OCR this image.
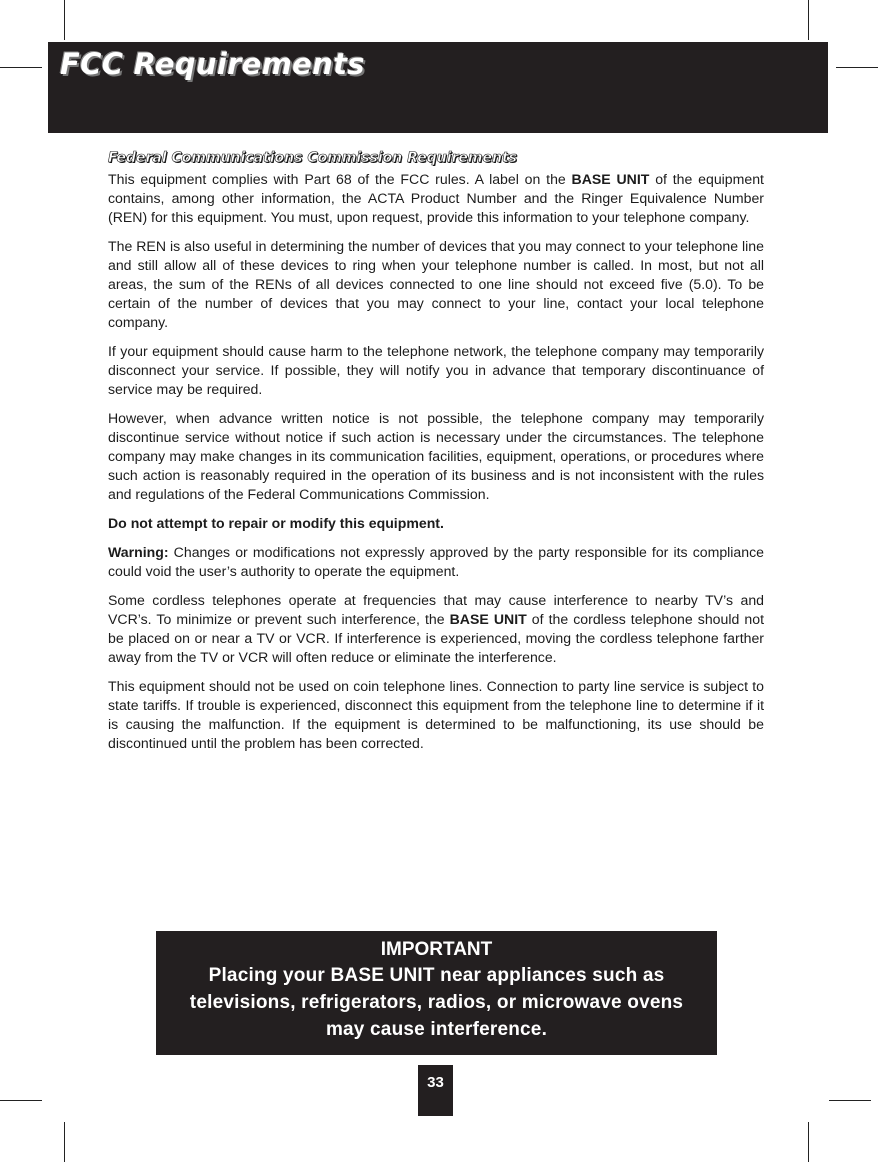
FCC Requirements
Federal Communications Commission Requirements

This equipment complies with Part 68 of the FCC rules. A label on the BASE UNIT of the equipment contains, among other information, the ACTA Product Number and the Ringer Equivalence Number (REN) for this equipment. You must, upon request, provide this information to your telephone company.

The REN is also useful in determining the number of devices that you may connect to your telephone line and still allow all of these devices to ring when your telephone number is called. In most, but not all areas, the sum of the RENs of all devices connected to one line should not exceed five (5.0). To be certain of the number of devices that you may connect to your line, contact your local telephone company.

If your equipment should cause harm to the telephone network, the telephone company may temporarily disconnect your service. If possible, they will notify you in advance that temporary discontinuance of service may be required.

However, when advance written notice is not possible, the telephone company may temporarily discontinue service without notice if such action is necessary under the circumstances. The telephone company may make changes in its communication facilities, equipment, operations, or procedures where such action is reasonably required in the operation of its business and is not inconsistent with the rules and regulations of the Federal Communications Commission.

Do not attempt to repair or modify this equipment.

Warning: Changes or modifications not expressly approved by the party responsible for its compliance could void the user’s authority to operate the equipment.

Some cordless telephones operate at frequencies that may cause interference to nearby TV’s and VCR’s. To minimize or prevent such interference, the BASE UNIT of the cordless telephone should not be placed on or near a TV or VCR. If interference is experienced, moving the cordless telephone farther away from the TV or VCR will often reduce or eliminate the interference.

This equipment should not be used on coin telephone lines. Connection to party line service is subject to state tariffs. If trouble is experienced, disconnect this equipment from the telephone line to determine if it is causing the malfunction. If the equipment is determined to be malfunctioning, its use should be discontinued until the problem has been corrected.

IMPORTANT
Placing your BASE UNIT near appliances such as televisions, refrigerators, radios, or microwave ovens may cause interference.
33
